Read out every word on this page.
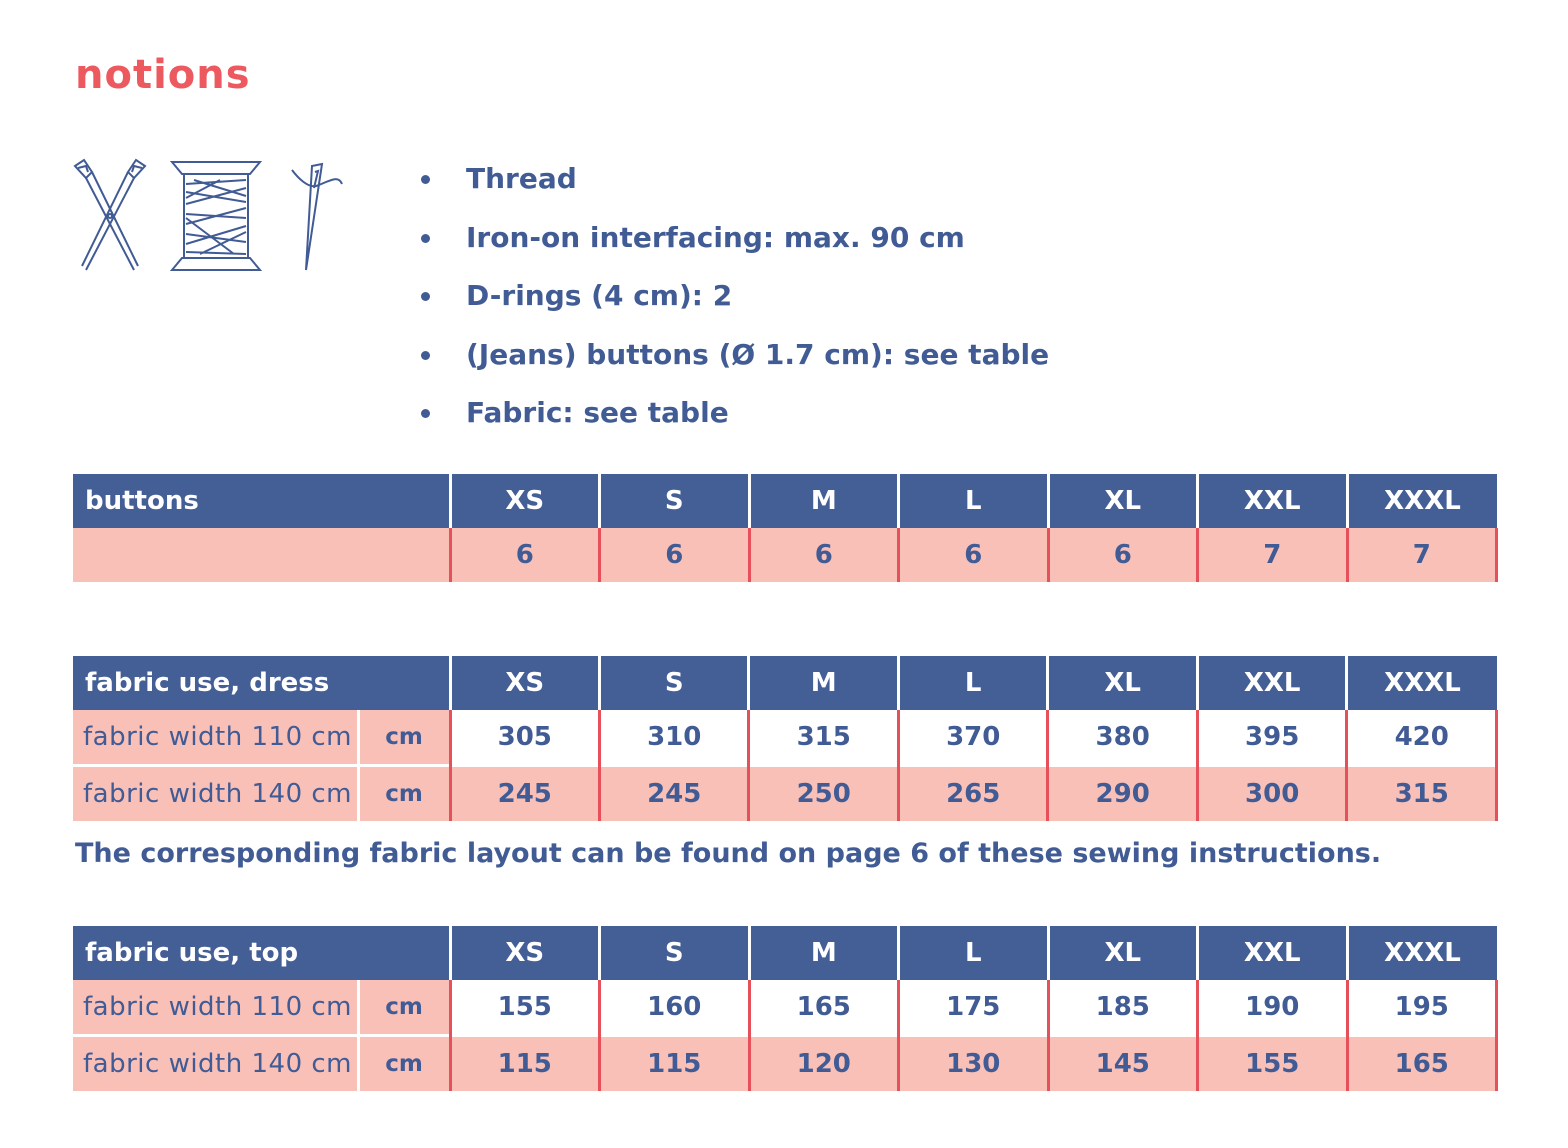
notions
Thread
Iron-on interfacing: max. 90 cm
D-rings (4 cm): 2
(Jeans) buttons (Ø 1.7 cm): see table
Fabric: see table
buttons	XS	S	M	L	XL	XXL	XXXL
	6	6	6	6	6	7	7
fabric use, dress		XS	S	M	L	XL	XXL	XXXL
fabric width 110 cm	cm	305	310	315	370	380	395	420
fabric width 140 cm	cm	245	245	250	265	290	300	315

The corresponding fabric layout can be found on page 6 of these sewing instructions.

fabric use, top		XS	S	M	L	XL	XXL	XXXL
fabric width 110 cm	cm	155	160	165	175	185	190	195
fabric width 140 cm	cm	115	115	120	130	145	155	165
